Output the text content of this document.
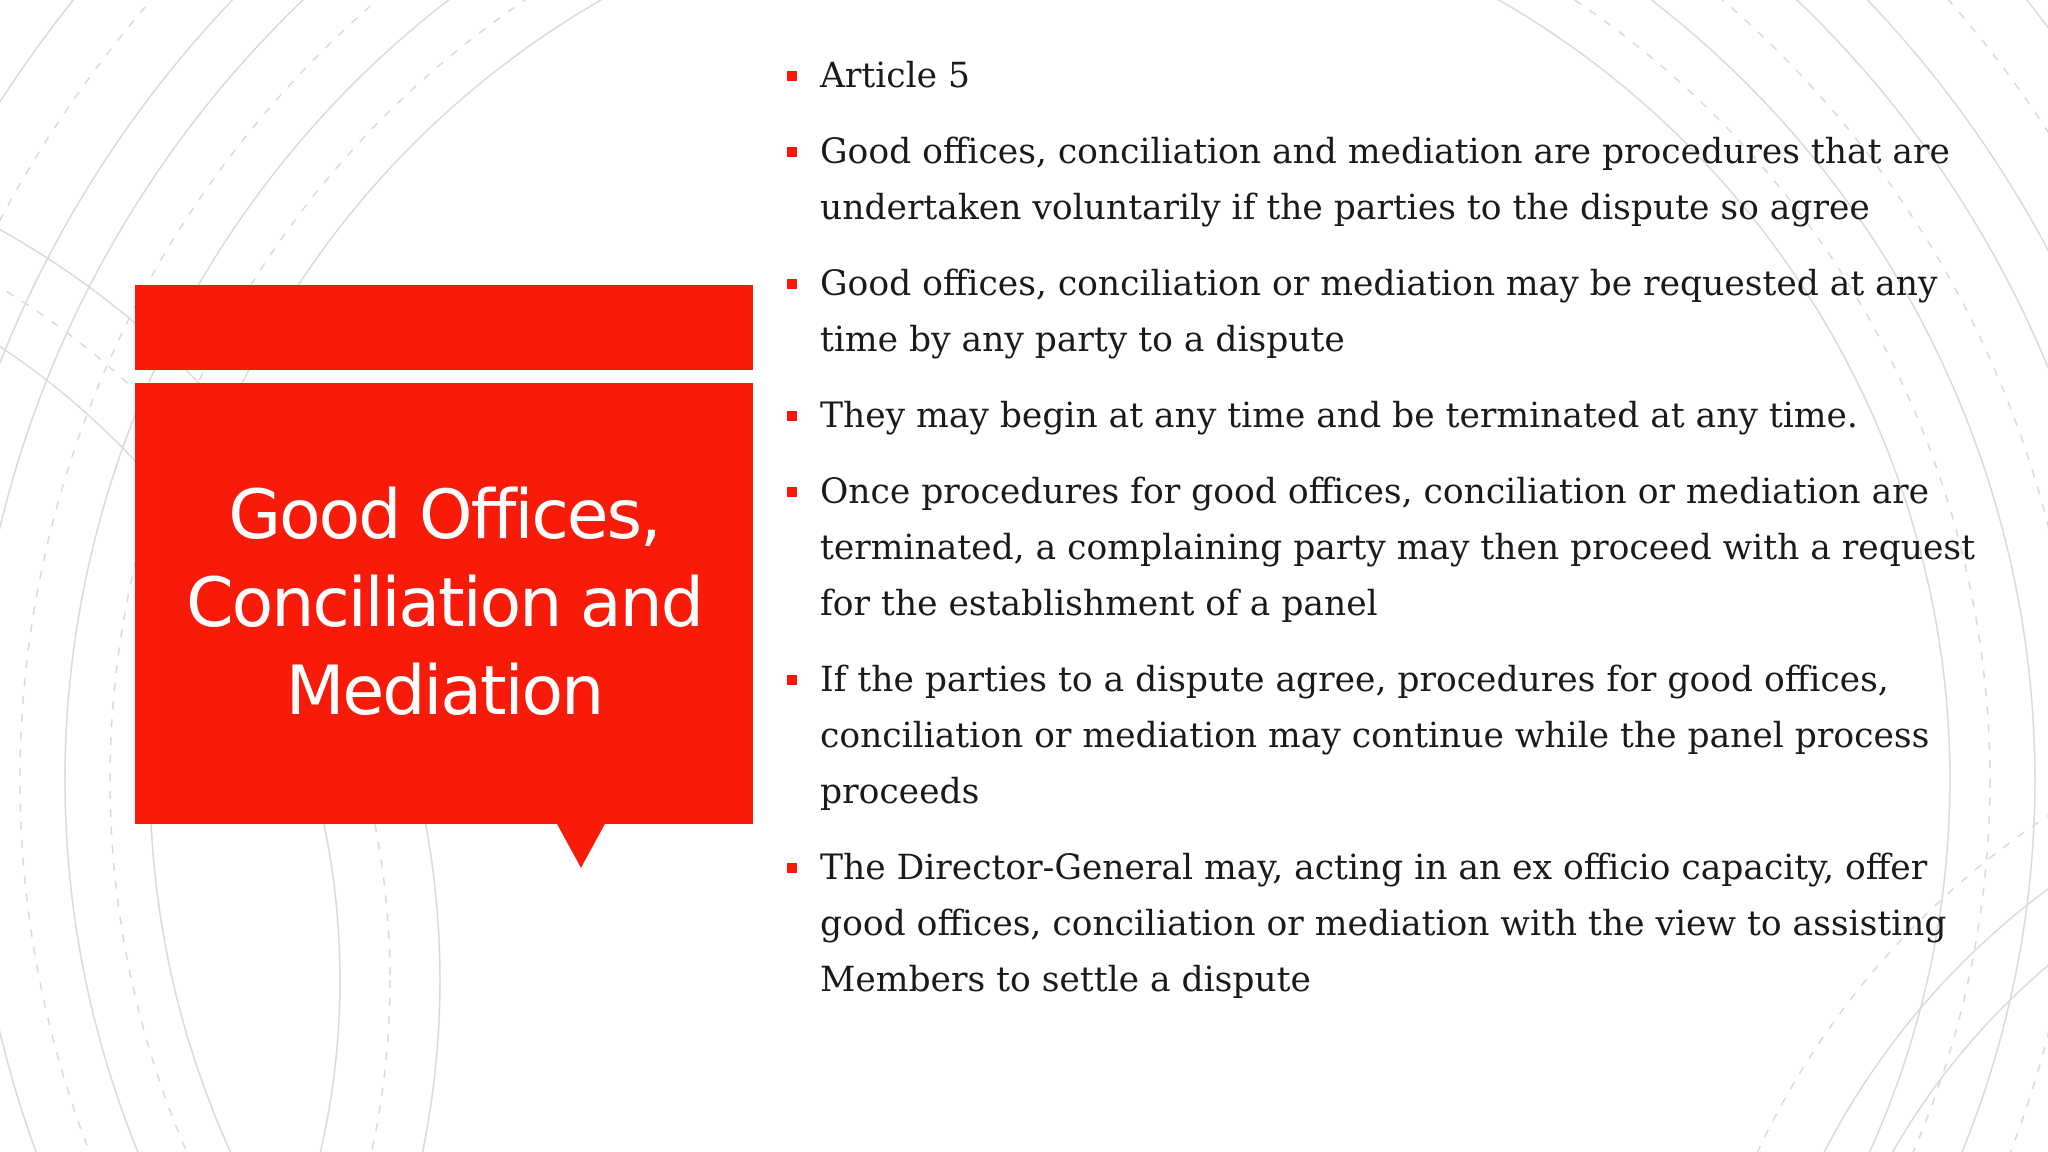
Good Offices, Conciliation and Mediation
Article 5
Good offices, conciliation and mediation are procedures that are undertaken voluntarily if the parties to the dispute so agree
Good offices, conciliation or mediation may be requested at any time by any party to a dispute
They may begin at any time and be terminated at any time.
Once procedures for good offices, conciliation or mediation are terminated, a complaining party may then proceed with a request for the establishment of a panel
If the parties to a dispute agree, procedures for good offices, conciliation or mediation may continue while the panel process proceeds
The Director-General may, acting in an ex officio capacity, offer good offices, conciliation or mediation with the view to assisting Members to settle a dispute
